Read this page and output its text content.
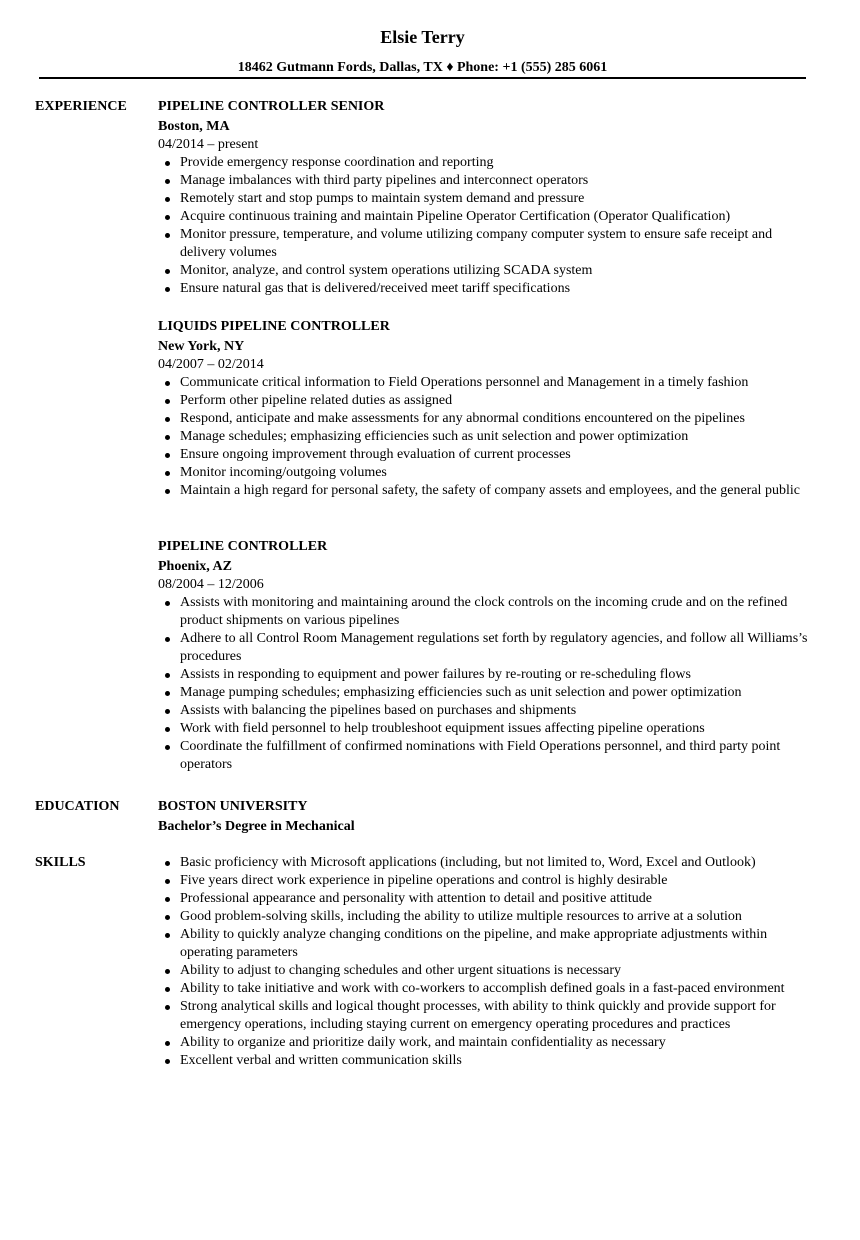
Elsie Terry
18462 Gutmann Fords, Dallas, TX ♦ Phone: +1 (555) 285 6061
EXPERIENCE PIPELINE CONTROLLER SENIOR
Boston, MA
04/2014 – present
Provide emergency response coordination and reporting
Manage imbalances with third party pipelines and interconnect operators
Remotely start and stop pumps to maintain system demand and pressure
Acquire continuous training and maintain Pipeline Operator Certification (Operator Qualification)
Monitor pressure, temperature, and volume utilizing company computer system to ensure safe receipt and delivery volumes
Monitor, analyze, and control system operations utilizing SCADA system
Ensure natural gas that is delivered/received meet tariff specifications
LIQUIDS PIPELINE CONTROLLER
New York, NY
04/2007 – 02/2014
Communicate critical information to Field Operations personnel and Management in a timely fashion
Perform other pipeline related duties as assigned
Respond, anticipate and make assessments for any abnormal conditions encountered on the pipelines
Manage schedules; emphasizing efficiencies such as unit selection and power optimization
Ensure ongoing improvement through evaluation of current processes
Monitor incoming/outgoing volumes
Maintain a high regard for personal safety, the safety of company assets and employees, and the general public
PIPELINE CONTROLLER
Phoenix, AZ
08/2004 – 12/2006
Assists with monitoring and maintaining around the clock controls on the incoming crude and on the refined product shipments on various pipelines
Adhere to all Control Room Management regulations set forth by regulatory agencies, and follow all Williams’s procedures
Assists in responding to equipment and power failures by re-routing or re-scheduling flows
Manage pumping schedules; emphasizing efficiencies such as unit selection and power optimization
Assists with balancing the pipelines based on purchases and shipments
Work with field personnel to help troubleshoot equipment issues affecting pipeline operations
Coordinate the fulfillment of confirmed nominations with Field Operations personnel, and third party point operators
EDUCATION	BOSTON UNIVERSITY
Bachelor’s Degree in Mechanical
SKILLS	Basic proficiency with Microsoft applications (including, but not limited to, Word, Excel and Outlook)
Five years direct work experience in pipeline operations and control is highly desirable
Professional appearance and personality with attention to detail and positive attitude
Good problem-solving skills, including the ability to utilize multiple resources to arrive at a solution
Ability to quickly analyze changing conditions on the pipeline, and make appropriate adjustments within operating parameters
Ability to adjust to changing schedules and other urgent situations is necessary
Ability to take initiative and work with co-workers to accomplish defined goals in a fast-paced environment
Strong analytical skills and logical thought processes, with ability to think quickly and provide support for emergency operations, including staying current on emergency operating procedures and practices
Ability to organize and prioritize daily work, and maintain confidentiality as necessary
Excellent verbal and written communication skills
